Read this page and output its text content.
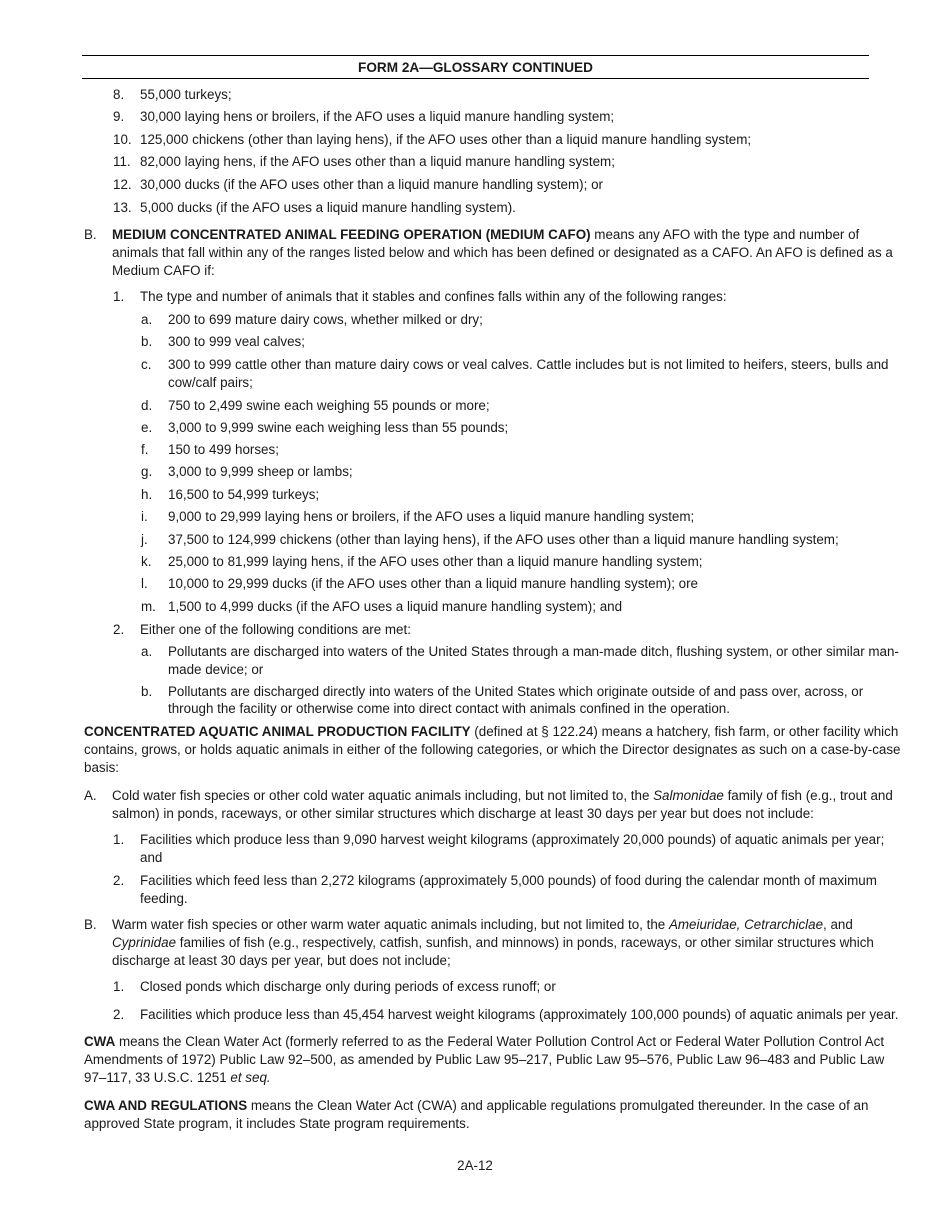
FORM 2A—GLOSSARY CONTINUED
8. 55,000 turkeys;
9. 30,000 laying hens or broilers, if the AFO uses a liquid manure handling system;
10. 125,000 chickens (other than laying hens), if the AFO uses other than a liquid manure handling system;
11. 82,000 laying hens, if the AFO uses other than a liquid manure handling system;
12. 30,000 ducks (if the AFO uses other than a liquid manure handling system); or
13. 5,000 ducks (if the AFO uses a liquid manure handling system).
B. MEDIUM CONCENTRATED ANIMAL FEEDING OPERATION (MEDIUM CAFO) means any AFO with the type and number of
animals that fall within any of the ranges listed below and which has been defined or designated as a CAFO. An AFO is defined as a
Medium CAFO if:
1. The type and number of animals that it stables and confines falls within any of the following ranges:
a. 200 to 699 mature dairy cows, whether milked or dry;
b. 300 to 999 veal calves;
c. 300 to 999 cattle other than mature dairy cows or veal calves. Cattle includes but is not limited to heifers, steers, bulls and
cow/calf pairs;
d. 750 to 2,499 swine each weighing 55 pounds or more;
e. 3,000 to 9,999 swine each weighing less than 55 pounds;
f. 150 to 499 horses;
g. 3,000 to 9,999 sheep or lambs;
h. 16,500 to 54,999 turkeys;
i. 9,000 to 29,999 laying hens or broilers, if the AFO uses a liquid manure handling system;
j. 37,500 to 124,999 chickens (other than laying hens), if the AFO uses other than a liquid manure handling system;
k. 25,000 to 81,999 laying hens, if the AFO uses other than a liquid manure handling system;
l. 10,000 to 29,999 ducks (if the AFO uses other than a liquid manure handling system); ore
m. 1,500 to 4,999 ducks (if the AFO uses a liquid manure handling system); and
2. Either one of the following conditions are met:
a. Pollutants are discharged into waters of the United States through a man-made ditch, flushing system, or other similar man-
made device; or
b. Pollutants are discharged directly into waters of the United States which originate outside of and pass over, across, or
through the facility or otherwise come into direct contact with animals confined in the operation.
CONCENTRATED AQUATIC ANIMAL PRODUCTION FACILITY (defined at § 122.24) means a hatchery, fish farm, or other facility which
contains, grows, or holds aquatic animals in either of the following categories, or which the Director designates as such on a case-by-case
basis:
A. Cold water fish species or other cold water aquatic animals including, but not limited to, the Salmonidae family of fish (e.g., trout and
salmon) in ponds, raceways, or other similar structures which discharge at least 30 days per year but does not include:
1. Facilities which produce less than 9,090 harvest weight kilograms (approximately 20,000 pounds) of aquatic animals per year;
and
2. Facilities which feed less than 2,272 kilograms (approximately 5,000 pounds) of food during the calendar month of maximum
feeding.
B. Warm water fish species or other warm water aquatic animals including, but not limited to, the Ameiuridae, Cetrarchiclae, and
Cyprinidae families of fish (e.g., respectively, catfish, sunfish, and minnows) in ponds, raceways, or other similar structures which
discharge at least 30 days per year, but does not include;
1. Closed ponds which discharge only during periods of excess runoff; or
2. Facilities which produce less than 45,454 harvest weight kilograms (approximately 100,000 pounds) of aquatic animals per year.
CWA means the Clean Water Act (formerly referred to as the Federal Water Pollution Control Act or Federal Water Pollution Control Act
Amendments of 1972) Public Law 92–500, as amended by Public Law 95–217, Public Law 95–576, Public Law 96–483 and Public Law
97–117, 33 U.S.C. 1251 et seq.
CWA AND REGULATIONS means the Clean Water Act (CWA) and applicable regulations promulgated thereunder. In the case of an
approved State program, it includes State program requirements.
2A-12
